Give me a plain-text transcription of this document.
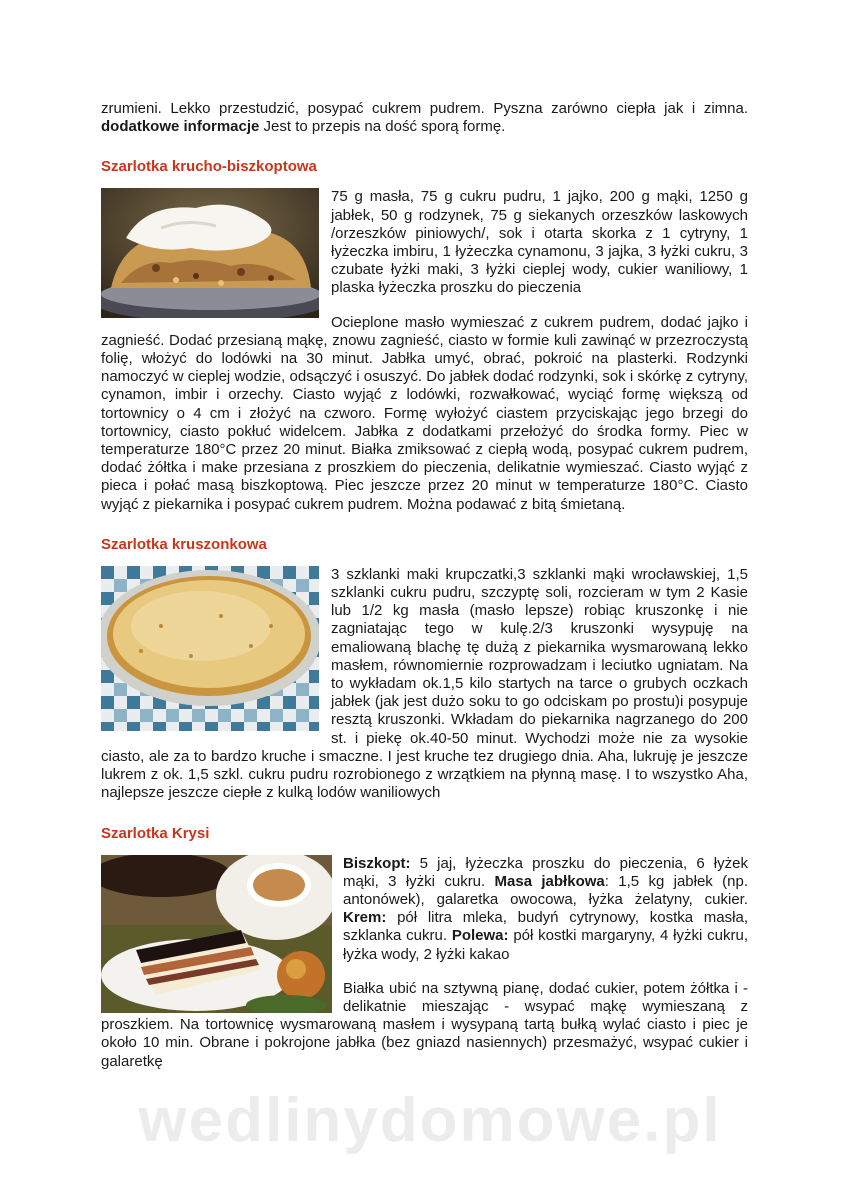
zrumieni. Lekko przestudzić, posypać cukrem pudrem. Pyszna zarówno ciepła jak i zimna. dodatkowe informacje Jest to przepis na dość sporą formę.

Szarlotka krucho-biszkoptowa

75 g masła, 75 g cukru pudru, 1 jajko, 200 g mąki, 1250 g jabłek, 50 g rodzynek, 75 g siekanych orzeszków laskowych /orzeszków piniowych/, sok i otarta skorka z 1 cytryny, 1 łyżeczka imbiru, 1 łyżeczka cynamonu, 3 jajka, 3 łyżki cukru, 3 czubate łyżki maki, 3 łyżki cieplej wody, cukier waniliowy, 1 plaska łyżeczka proszku do pieczenia

Ocieplone masło wymieszać z cukrem pudrem, dodać jajko i zagnieść. Dodać przesianą mąkę, znowu zagnieść, ciasto w formie kuli zawinąć w przezroczystą folię, włożyć do lodówki na 30 minut. Jabłka umyć, obrać, pokroić na plasterki. Rodzynki namoczyć w cieplej wodzie, odsączyć i osuszyć. Do jabłek dodać rodzynki, sok i skórkę z cytryny, cynamon, imbir i orzechy. Ciasto wyjąć z lodówki, rozwałkować, wyciąć formę większą od tortownicy o 4 cm i złożyć na czworo. Formę wyłożyć ciastem przyciskając jego brzegi do tortownicy, ciasto pokłuć widelcem. Jabłka z dodatkami przełożyć do środka formy. Piec w temperaturze 180°C przez 20 minut. Białka zmiksować z ciepłą wodą, posypać cukrem pudrem, dodać żółtka i make przesiana z proszkiem do pieczenia, delikatnie wymieszać. Ciasto wyjąć z pieca i połać masą biszkoptową. Piec jeszcze przez 20 minut w temperaturze 180°C. Ciasto wyjąć z piekarnika i posypać cukrem pudrem. Można podawać z bitą śmietaną.

Szarlotka kruszonkowa

3 szklanki maki krupczatki,3 szklanki mąki wrocławskiej, 1,5 szklanki cukru pudru, szczyptę soli, rozcieram w tym 2 Kasie lub 1/2 kg masła (masło lepsze) robiąc kruszonkę i nie zagniatając tego w kulę.2/3 kruszonki wysypuję na emaliowaną blachę tę dużą z piekarnika wysmarowaną lekko masłem, równomiernie rozprowadzam i leciutko ugniatam. Na to wykładam ok.1,5 kilo startych na tarce o grubych oczkach jabłek (jak jest dużo soku to go odciskam po prostu)i posypuje resztą kruszonki. Wkładam do piekarnika nagrzanego do 200 st. i piekę ok.40-50 minut. Wychodzi może nie za wysokie ciasto, ale za to bardzo kruche i smaczne. I jest kruche tez drugiego dnia. Aha, lukruję je jeszcze lukrem z ok. 1,5 szkl. cukru pudru rozrobionego z wrzątkiem na płynną masę. I to wszystko Aha, najlepsze jeszcze ciepłe z kulką lodów waniliowych

Szarlotka Krysi

Biszkopt: 5 jaj, łyżeczka proszku do pieczenia, 6 łyżek mąki, 3 łyżki cukru. Masa jabłkowa: 1,5 kg jabłek (np. antonówek), galaretka owocowa, łyżka żelatyny, cukier. Krem: pół litra mleka, budyń cytrynowy, kostka masła, szklanka cukru. Polewa: pół kostki margaryny, 4 łyżki cukru, łyżka wody, 2 łyżki kakao

Białka ubić na sztywną pianę, dodać cukier, potem żółtka i - delikatnie mieszając - wsypać mąkę wymieszaną z proszkiem. Na tortownicę wysmarowaną masłem i wysypaną tartą bułką wylać ciasto i piec je około 10 min. Obrane i pokrojone jabłka (bez gniazd nasiennych) przesmażyć, wsypać cukier i galaretkę

wedlinydomowe.pl
